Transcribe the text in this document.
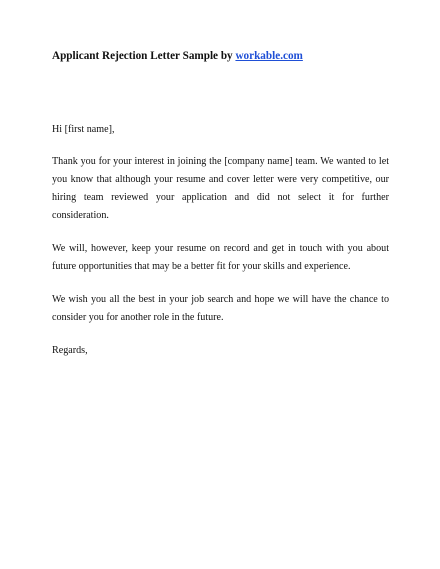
Applicant Rejection Letter Sample by workable.com

Hi [first name],

Thank you for your interest in joining the [company name] team. We wanted to let you know that although your resume and cover letter were very competitive, our hiring team reviewed your application and did not select it for further consideration.

We will, however, keep your resume on record and get in touch with you about future opportunities that may be a better fit for your skills and experience.

We wish you all the best in your job search and hope we will have the chance to consider you for another role in the future.

Regards,
